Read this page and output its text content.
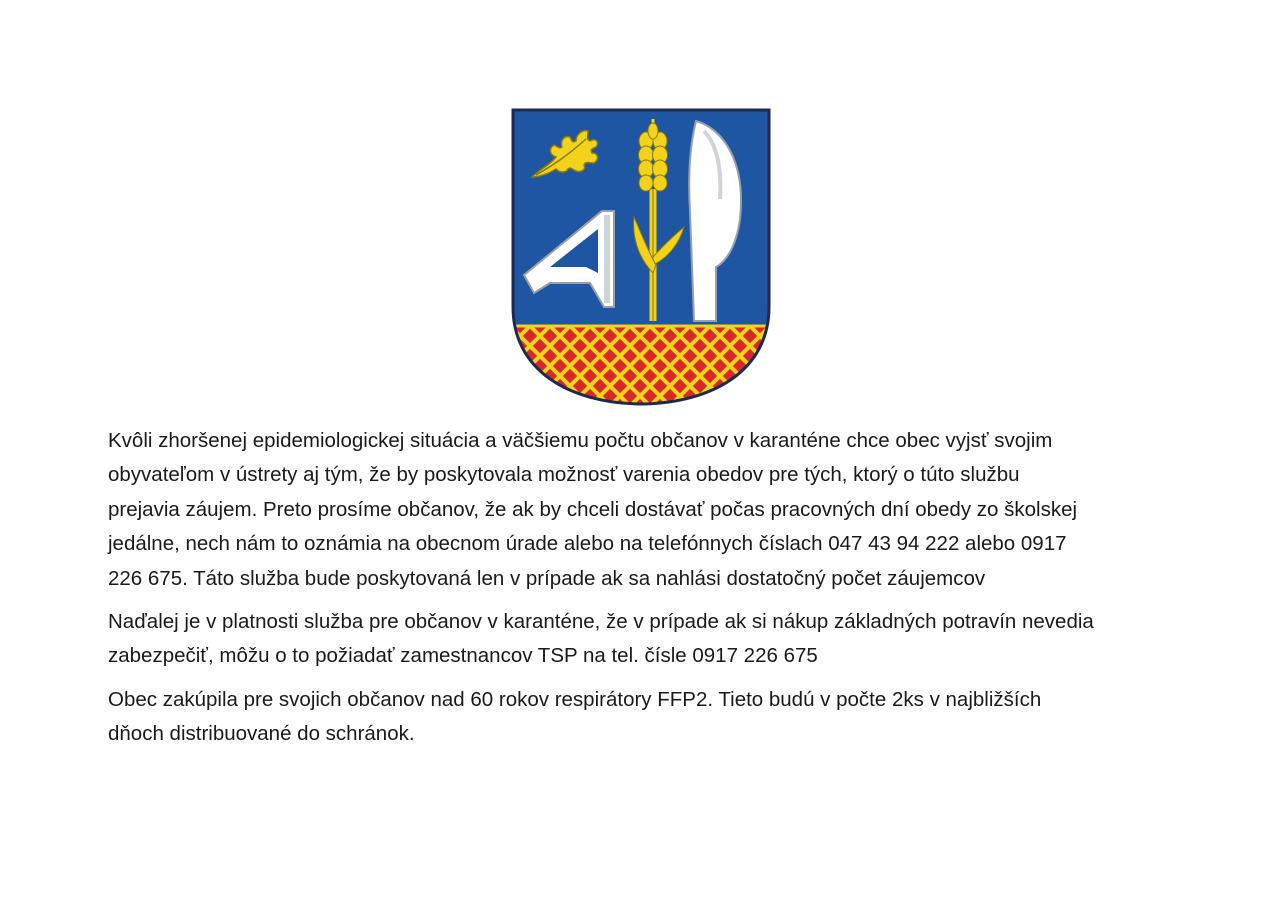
Kvôli zhoršenej epidemiologickej situácia a väčšiemu počtu občanov v karanténe chce obec vyjsť svojim
obyvateľom v ústrety aj tým, že by poskytovala možnosť varenia obedov pre tých, ktorý o túto službu
prejavia záujem. Preto prosíme občanov, že ak by chceli dostávať počas pracovných dní obedy zo školskej
jedálne, nech nám to oznámia na obecnom úrade alebo na telefónnych číslach 047 43 94 222 alebo 0917
226 675. Táto služba bude poskytovaná len v prípade ak sa nahlási dostatočný počet záujemcov

Naďalej je v platnosti služba pre občanov v karanténe, že v prípade ak si nákup základných potravín nevedia
zabezpečiť, môžu o to požiadať zamestnancov TSP na tel. čísle 0917 226 675

Obec zakúpila pre svojich občanov nad 60 rokov respirátory FFP2. Tieto budú v počte 2ks v najbližších
dňoch distribuované do schránok.
